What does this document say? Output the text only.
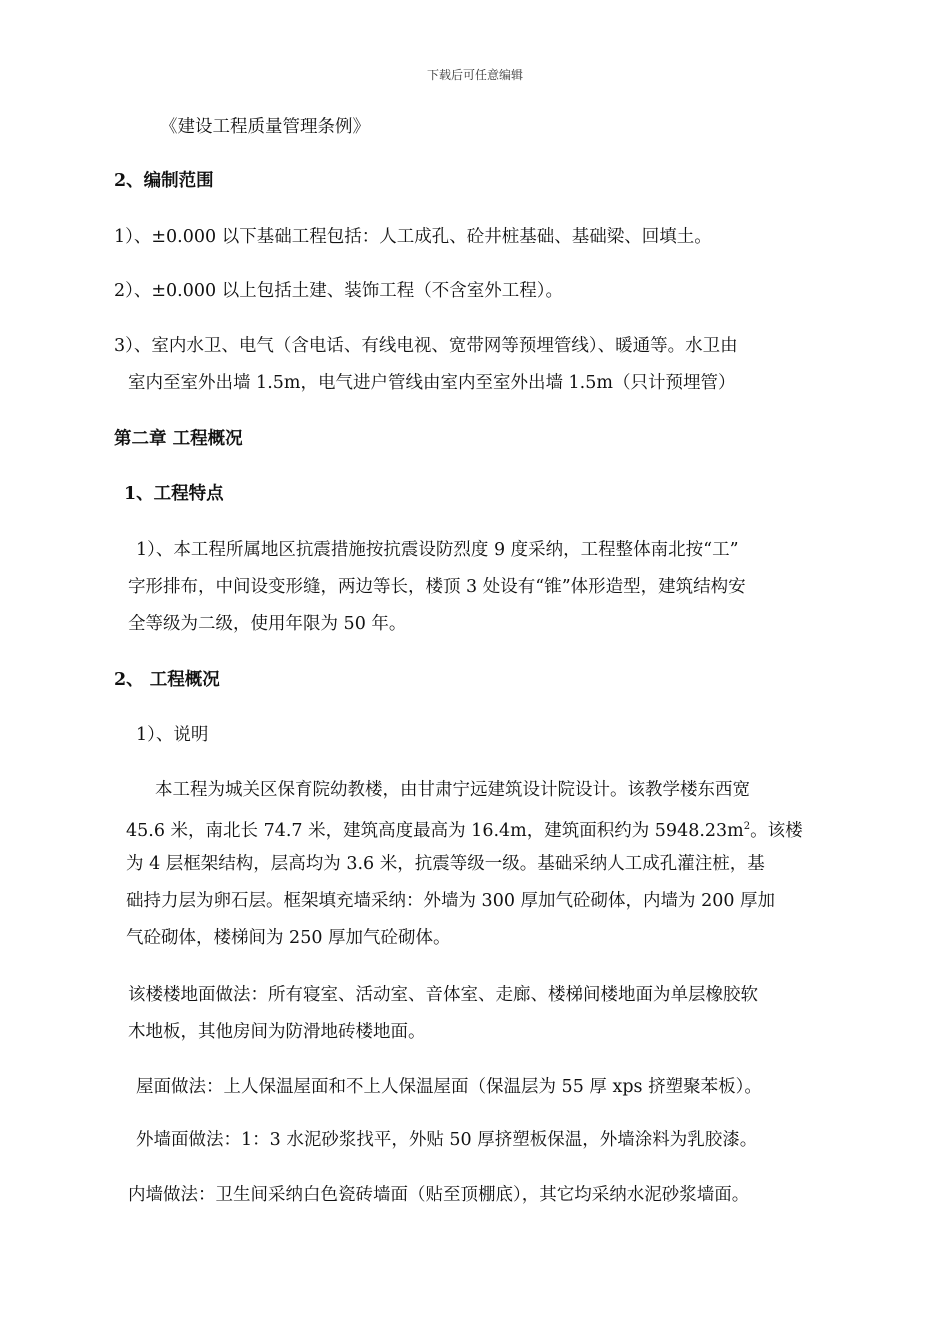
下载后可任意编辑
《建设工程质量管理条例》
2、编制范围
1）、±0.000 以下基础工程包括：人工成孔、砼井桩基础、基础梁、回填土。
2）、±0.000 以上包括土建、装饰工程（不含室外工程）。
3）、室内水卫、电气（含电话、有线电视、宽带网等预埋管线）、暖通等。水卫由
室内至室外出墙 1.5m，电气进户管线由室内至室外出墙 1.5m（只计预埋管）
第二章 工程概况
1、工程特点
1）、本工程所属地区抗震措施按抗震设防烈度 9 度采纳，工程整体南北按“工”
字形排布，中间设变形缝，两边等长，楼顶 3 处设有“锥”体形造型，建筑结构安
全等级为二级，使用年限为 50 年。
2、 工程概况
1）、说明
本工程为城关区保育院幼教楼，由甘肃宁远建筑设计院设计。该教学楼东西宽
45.6 米，南北长 74.7 米，建筑高度最高为 16.4m，建筑面积约为 $5948.23m^2$。该楼
为 4 层框架结构，层高均为 3.6 米，抗震等级一级。基础采纳人工成孔灌注桩，基
础持力层为卵石层。框架填充墙采纳：外墙为 300 厚加气砼砌体，内墙为 200 厚加
气砼砌体，楼梯间为 250 厚加气砼砌体。
该楼楼地面做法：所有寝室、活动室、音体室、走廊、楼梯间楼地面为单层橡胶软
木地板，其他房间为防滑地砖楼地面。
屋面做法：上人保温屋面和不上人保温屋面（保温层为 55 厚 xps 挤塑聚苯板）。
外墙面做法：1：3 水泥砂浆找平，外贴 50 厚挤塑板保温，外墙涂料为乳胶漆。
内墙做法：卫生间采纳白色瓷砖墙面（贴至顶棚底），其它均采纳水泥砂浆墙面。
